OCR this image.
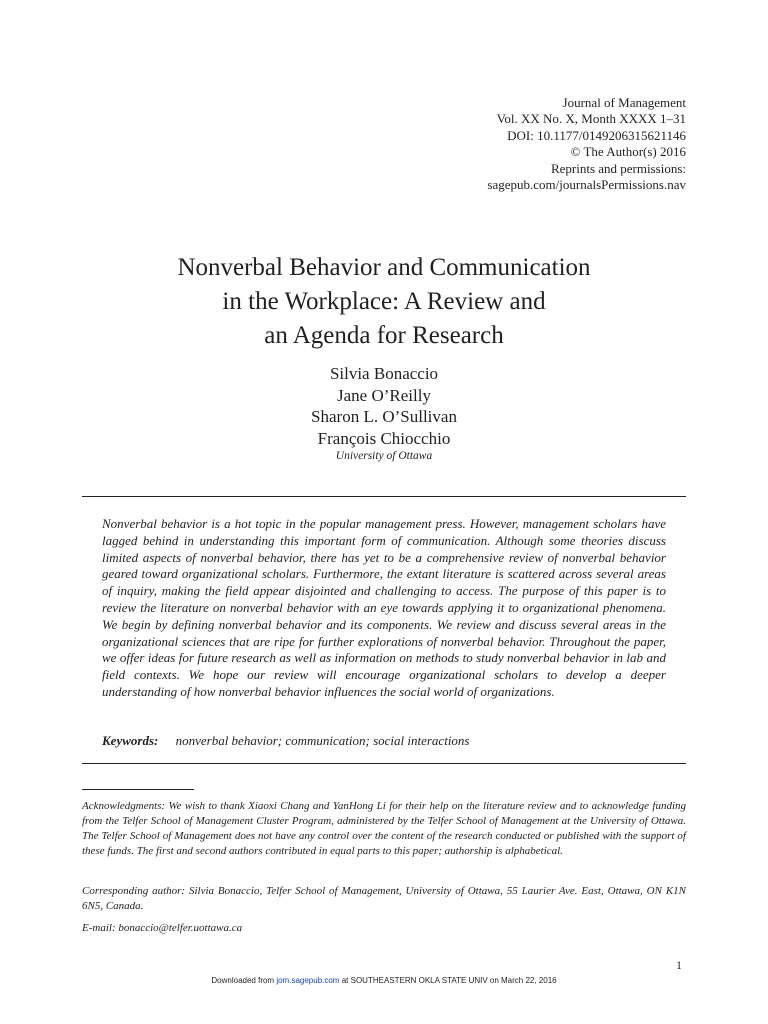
Journal of Management
Vol. XX No. X, Month XXXX 1–31
DOI: 10.1177/0149206315621146
© The Author(s) 2016
Reprints and permissions:
sagepub.com/journalsPermissions.nav
Nonverbal Behavior and Communication
in the Workplace: A Review and
an Agenda for Research
Silvia Bonaccio
Jane O’Reilly
Sharon L. O’Sullivan
François Chiocchio
University of Ottawa
Nonverbal behavior is a hot topic in the popular management press. However, management scholars have lagged behind in understanding this important form of communication. Although some theories discuss limited aspects of nonverbal behavior, there has yet to be a comprehensive review of nonverbal behavior geared toward organizational scholars. Furthermore, the extant literature is scattered across several areas of inquiry, making the field appear disjointed and challenging to access. The purpose of this paper is to review the literature on nonverbal behavior with an eye towards applying it to organizational phenomena. We begin by defining nonverbal behavior and its components. We review and discuss several areas in the organizational sciences that are ripe for further explorations of nonverbal behavior. Throughout the paper, we offer ideas for future research as well as information on methods to study nonverbal behavior in lab and field contexts. We hope our review will encourage organizational scholars to develop a deeper understanding of how nonverbal behavior influences the social world of organizations.
Keywords: nonverbal behavior; communication; social interactions
Acknowledgments: We wish to thank Xiaoxi Chang and YanHong Li for their help on the literature review and to acknowledge funding from the Telfer School of Management Cluster Program, administered by the Telfer School of Management at the University of Ottawa. The Telfer School of Management does not have any control over the content of the research conducted or published with the support of these funds. The first and second authors contributed in equal parts to this paper; authorship is alphabetical.
Corresponding author: Silvia Bonaccio, Telfer School of Management, University of Ottawa, 55 Laurier Ave. East, Ottawa, ON K1N 6N5, Canada.
E-mail: bonaccio@telfer.uottawa.ca
1
Downloaded from jom.sagepub.com at SOUTHEASTERN OKLA STATE UNIV on March 22, 2016
